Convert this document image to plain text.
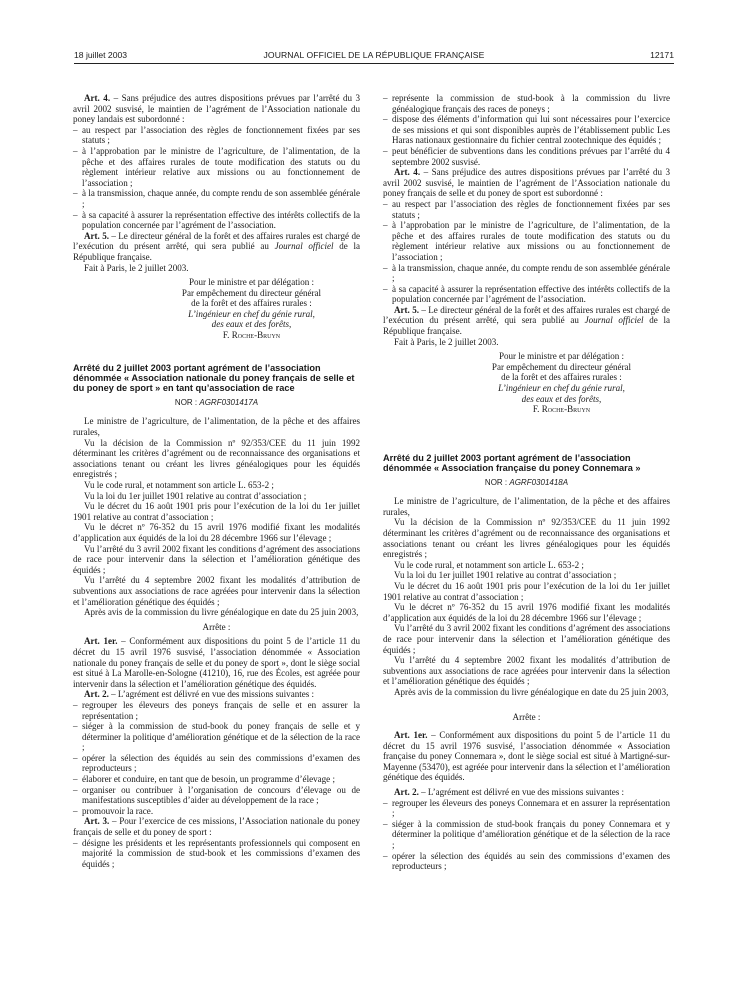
18 juillet 2003	JOURNAL OFFICIEL DE LA RÉPUBLIQUE FRANÇAISE	12171

Art. 4. – Sans préjudice des autres dispositions prévues par l’arrêté du 3 avril 2002 susvisé, le maintien de l’agrément de l’Association nationale du poney landais est subordonné :

– au respect par l’association des règles de fonctionnement fixées par ses statuts ;

– à l’approbation par le ministre de l’agriculture, de l’alimentation, de la pêche et des affaires rurales de toute modification des statuts ou du règlement intérieur relative aux missions ou au fonctionnement de l’association ;

– à la transmission, chaque année, du compte rendu de son assemblée générale ;

– à sa capacité à assurer la représentation effective des intérêts collectifs de la population concernée par l’agrément de l’association.

Art. 5. – Le directeur général de la forêt et des affaires rurales est chargé de l’exécution du présent arrêté, qui sera publié au Journal officiel de la République française.

Fait à Paris, le 2 juillet 2003.

Pour le ministre et par délégation :

Par empêchement du directeur général

de la forêt et des affaires rurales :

L’ingénieur en chef du génie rural,

des eaux et des forêts,

F. Roche-Bruyn

Arrêté du 2 juillet 2003 portant agrément de l’association dénommée « Association nationale du poney français de selle et du poney de sport » en tant qu’association de race

NOR : AGRF0301417A

Le ministre de l’agriculture, de l’alimentation, de la pêche et des affaires rurales,

Vu la décision de la Commission nº 92/353/CEE du 11 juin 1992 déterminant les critères d’agrément ou de reconnaissance des organisations et associations tenant ou créant les livres généalogiques pour les équidés enregistrés ;

Vu le code rural, et notamment son article L. 653-2 ;

Vu la loi du 1er juillet 1901 relative au contrat d’association ;

Vu le décret du 16 août 1901 pris pour l’exécution de la loi du 1er juillet 1901 relative au contrat d’association ;

Vu le décret nº 76-352 du 15 avril 1976 modifié fixant les modalités d’application aux équidés de la loi du 28 décembre 1966 sur l’élevage ;

Vu l’arrêté du 3 avril 2002 fixant les conditions d’agrément des associations de race pour intervenir dans la sélection et l’amélioration génétique des équidés ;

Vu l’arrêté du 4 septembre 2002 fixant les modalités d’attribution de subventions aux associations de race agréées pour intervenir dans la sélection et l’amélioration génétique des équidés ;

Après avis de la commission du livre généalogique en date du 25 juin 2003,

Arrête :

Art. 1er. – Conformément aux dispositions du point 5 de l’article 11 du décret du 15 avril 1976 susvisé, l’association dénommée « Association nationale du poney français de selle et du poney de sport », dont le siège social est situé à La Marolle-en-Sologne (41210), 16, rue des Écoles, est agréée pour intervenir dans la sélection et l’amélioration génétique des équidés.

Art. 2. – L’agrément est délivré en vue des missions suivantes :

– regrouper les éleveurs des poneys français de selle et en assurer la représentation ;

– siéger à la commission de stud-book du poney français de selle et y déterminer la politique d’amélioration génétique et de la sélection de la race ;

– opérer la sélection des équidés au sein des commissions d’examen des reproducteurs ;

– élaborer et conduire, en tant que de besoin, un programme d’élevage ;

– organiser ou contribuer à l’organisation de concours d’élevage ou de manifestations susceptibles d’aider au développement de la race ;

– promouvoir la race.

Art. 3. – Pour l’exercice de ces missions, l’Association nationale du poney français de selle et du poney de sport :

– désigne les présidents et les représentants professionnels qui composent en majorité la commission de stud-book et les commissions d’examen des équidés ;

– représente la commission de stud-book à la commission du livre généalogique français des races de poneys ;

– dispose des éléments d’information qui lui sont nécessaires pour l’exercice de ses missions et qui sont disponibles auprès de l’établissement public Les Haras nationaux gestionnaire du fichier central zootechnique des équidés ;

– peut bénéficier de subventions dans les conditions prévues par l’arrêté du 4 septembre 2002 susvisé.

Art. 4. – Sans préjudice des autres dispositions prévues par l’arrêté du 3 avril 2002 susvisé, le maintien de l’agrément de l’Association nationale du poney français de selle et du poney de sport est subordonné :

– au respect par l’association des règles de fonctionnement fixées par ses statuts ;

– à l’approbation par le ministre de l’agriculture, de l’alimentation, de la pêche et des affaires rurales de toute modification des statuts ou du règlement intérieur relative aux missions ou au fonctionnement de l’association ;

– à la transmission, chaque année, du compte rendu de son assemblée générale ;

– à sa capacité à assurer la représentation effective des intérêts collectifs de la population concernée par l’agrément de l’association.

Art. 5. – Le directeur général de la forêt et des affaires rurales est chargé de l’exécution du présent arrêté, qui sera publié au Journal officiel de la République française.

Fait à Paris, le 2 juillet 2003.

Pour le ministre et par délégation :

Par empêchement du directeur général

de la forêt et des affaires rurales :

L’ingénieur en chef du génie rural,

des eaux et des forêts,

F. Roche-Bruyn

Arrêté du 2 juillet 2003 portant agrément de l’association dénommée « Association française du poney Connemara »

NOR : AGRF0301418A

Le ministre de l’agriculture, de l’alimentation, de la pêche et des affaires rurales,

Vu la décision de la Commission nº 92/353/CEE du 11 juin 1992 déterminant les critères d’agrément ou de reconnaissance des organisations et associations tenant ou créant les livres généalogiques pour les équidés enregistrés ;

Vu le code rural, et notamment son article L. 653-2 ;

Vu la loi du 1er juillet 1901 relative au contrat d’association ;

Vu le décret du 16 août 1901 pris pour l’exécution de la loi du 1er juillet 1901 relative au contrat d’association ;

Vu le décret nº 76-352 du 15 avril 1976 modifié fixant les modalités d’application aux équidés de la loi du 28 décembre 1966 sur l’élevage ;

Vu l’arrêté du 3 avril 2002 fixant les conditions d’agrément des associations de race pour intervenir dans la sélection et l’amélioration génétique des équidés ;

Vu l’arrêté du 4 septembre 2002 fixant les modalités d’attribution de subventions aux associations de race agréées pour intervenir dans la sélection et l’amélioration génétique des équidés ;

Après avis de la commission du livre généalogique en date du 25 juin 2003,

Arrête :

Art. 1er. – Conformément aux dispositions du point 5 de l’article 11 du décret du 15 avril 1976 susvisé, l’association dénommée « Association française du poney Connemara », dont le siège social est situé à Martigné-sur-Mayenne (53470), est agréée pour intervenir dans la sélection et l’amélioration génétique des équidés.

Art. 2. – L’agrément est délivré en vue des missions suivantes :

– regrouper les éleveurs des poneys Connemara et en assurer la représentation ;

– siéger à la commission de stud-book français du poney Connemara et y déterminer la politique d’amélioration génétique et de la sélection de la race ;

– opérer la sélection des équidés au sein des commissions d’examen des reproducteurs ;
